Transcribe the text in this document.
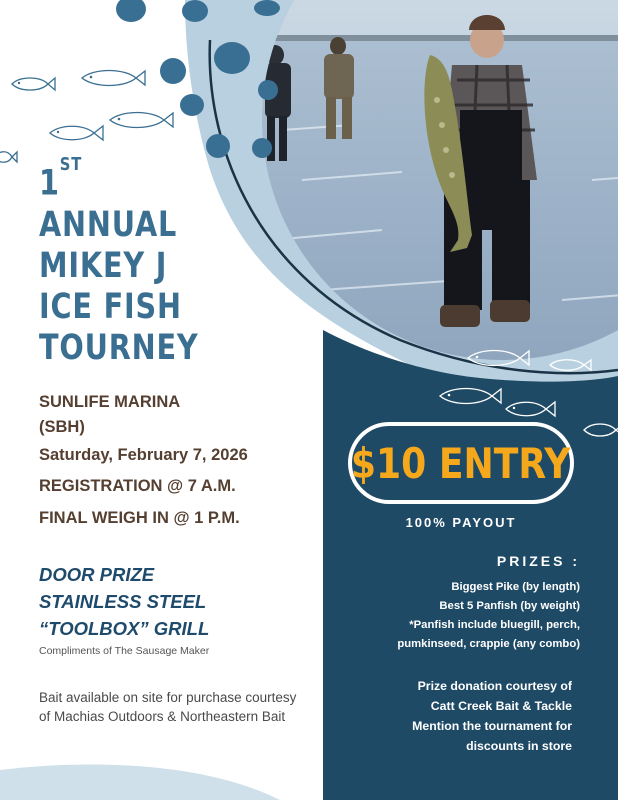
1ST
ANNUAL
MIKEY J
ICE FISH
TOURNEY
SUNLIFE MARINA
(SBH)
Saturday, February 7, 2026
REGISTRATION @ 7 A.M.
FINAL WEIGH IN @ 1 P.M.
DOOR PRIZE
STAINLESS STEEL
“TOOLBOX” GRILL
Compliments of The Sausage Maker
Bait available on site for purchase courtesy of Machias Outdoors & Northeastern Bait
$10 ENTRY
100% PAYOUT
PRIZES :
Biggest Pike (by length)
Best 5 Panfish (by weight)
*Panfish include bluegill, perch,
pumkinseed, crappie (any combo)
Prize donation courtesy of
Catt Creek Bait & Tackle
Mention the tournament for
discounts in store
